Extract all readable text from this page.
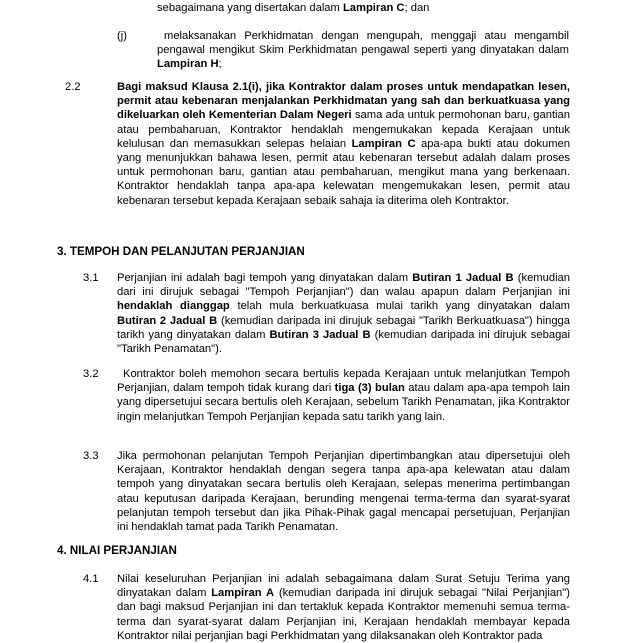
sebagaimana yang disertakan dalam Lampiran C; dan
(j)	melaksanakan Perkhidmatan dengan mengupah, menggaji atau mengambil pengawal mengikut Skim Perkhidmatan pengawal seperti yang dinyatakan dalam Lampiran H;
2.2	Bagi maksud Klausa 2.1(i), jika Kontraktor dalam proses untuk mendapatkan lesen, permit atau kebenaran menjalankan Perkhidmatan yang sah dan berkuatkuasa yang dikeluarkan oleh Kementerian Dalam Negeri sama ada untuk permohonan baru, gantian atau pembaharuan, Kontraktor hendaklah mengemukakan kepada Kerajaan untuk kelulusan dan memasukkan selepas helaian Lampiran C apa-apa bukti atau dokumen yang menunjukkan bahawa lesen, permit atau kebenaran tersebut adalah dalam proses untuk permohonan baru, gantian atau pembaharuan, mengikut mana yang berkenaan. Kontraktor hendaklah tanpa apa-apa kelewatan mengemukakan lesen, permit atau kebenaran tersebut kepada Kerajaan sebaik sahaja ia diterima oleh Kontraktor.
3. TEMPOH DAN PELANJUTAN PERJANJIAN
3.1 Perjanjian ini adalah bagi tempoh yang dinyatakan dalam Butiran 1 Jadual B (kemudian dari ini dirujuk sebagai "Tempoh Perjanjian") dan walau apapun dalam Perjanjian ini hendaklah dianggap telah mula berkuatkuasa mulai tarikh yang dinyatakan dalam Butiran 2 Jadual B (kemudian daripada ini dirujuk sebagai "Tarikh Berkuatkuasa") hingga tarikh yang dinyatakan dalam Butiran 3 Jadual B (kemudian daripada ini dirujuk sebagai "Tarikh Penamatan").
3.2	Kontraktor boleh memohon secara bertulis kepada Kerajaan untuk melanjutkan Tempoh Perjanjian, dalam tempoh tidak kurang dari tiga (3) bulan atau dalam apa-apa tempoh lain yang dipersetujui secara bertulis oleh Kerajaan, sebelum Tarikh Penamatan, jika Kontraktor ingin melanjutkan Tempoh Perjanjian kepada satu tarikh yang lain.
3.3 Jika permohonan pelanjutan Tempoh Perjanjian dipertimbangkan atau dipersetujui oleh Kerajaan, Kontraktor hendaklah dengan segera tanpa apa-apa kelewatan atau dalam tempoh yang dinyatakan secara bertulis oleh Kerajaan, selepas menerima pertimbangan atau keputusan daripada Kerajaan, berunding mengenai terma-terma dan syarat-syarat pelanjutan tempoh tersebut dan jika Pihak-Pihak gagal mencapai persetujuan, Perjanjian ini hendaklah tamat pada Tarikh Penamatan.
4. NILAI PERJANJIAN
4.1 Nilai keseluruhan Perjanjian ini adalah sebagaimana dalam Surat Setuju Terima yang dinyatakan dalam Lampiran A (kemudian daripada ini dirujuk sebagai "Nilai Perjanjian") dan bagi maksud Perjanjian ini dan tertakluk kepada Kontraktor memenuhi semua terma-terma dan syarat-syarat dalam Perjanjian ini, Kerajaan hendaklah membayar kepada Kontraktor nilai perjanjian bagi Perkhidmatan yang dilaksanakan oleh Kontraktor pada
